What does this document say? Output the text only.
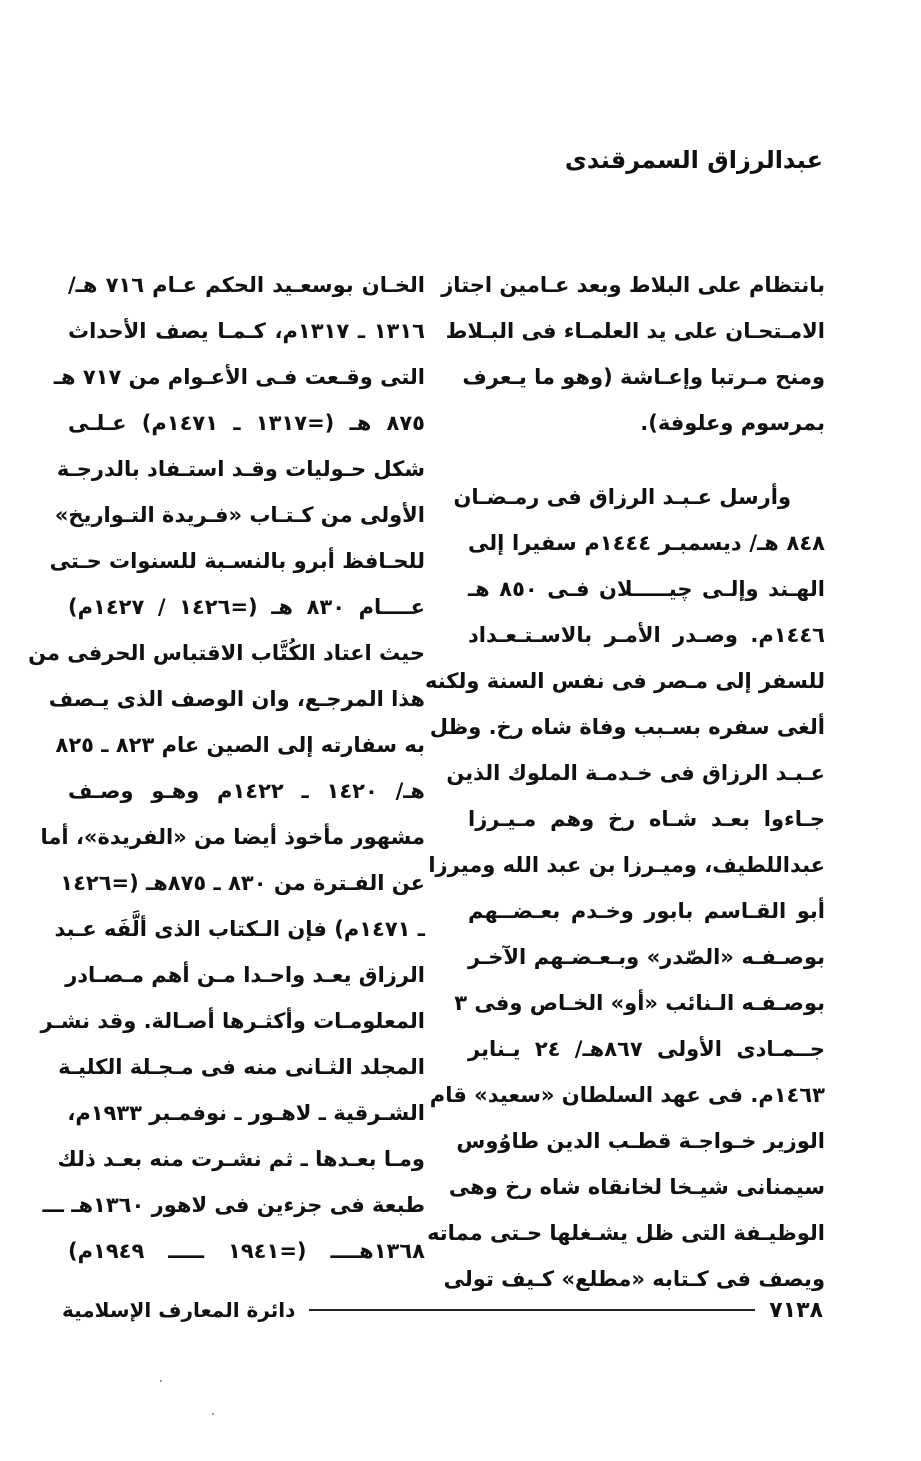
عبدالرزاق السمرقندى
بانتظام على البلاط وبعد عـامين اجتاز
الامـتحـان على يد العلمـاء فى البـلاط
ومنح مـرتبا وإعـاشة (وهو ما يـعرف
بمرسوم وعلوفة).
وأرسل عـبـد الرزاق فى رمـضـان
٨٤٨ هـ/ ديسمبـر ١٤٤٤م سفيرا إلى
الهـند وإلـى چيـــــلان فـى ٨٥٠ هـ
١٤٤٦م. وصـدر الأمـر بالاسـتـعـداد
للسفر إلى مـصر فى نفس السنة ولكنه
ألغى سفره بسـبب وفاة شاه رخ. وظل
عـبـد الرزاق فى خـدمـة الملوك الذين
جـاءوا بعـد شـاه رخ وهم مـيـرزا
عبداللطيف، وميـرزا بن عبد الله وميرزا
أبو القـاسم بابور وخـدم بعـضــهم
بوصـفـه «الصّدر» وبـعـضـهم الآخـر
بوصـفـه الـنائب «أو» الخـاص وفى ٣
جــمـادى الأولى ٨٦٧هـ/ ٢٤ يـناير
١٤٦٣م. فى عهد السلطان «سعيد» قام
الوزير خـواجـة قطـب الدين طاوُوس
سيمنانى شيـخا لخانقاه شاه رخ وهى
الوظيـفة التى ظل يشـغلها حـتى مماته
ويصف فى كـتابه «مطلع» كـيف تولى
الخـان بوسعـيد الحكم عـام ٧١٦ هـ/
١٣١٦ ـ ١٣١٧م، كـمـا يصف الأحداث
التى وقـعت فـى الأعـوام من ٧١٧ هـ
٨٧٥ هـ (=١٣١٧ ـ ١٤٧١م) عـلـى
شكل حـوليات وقـد استـفاد بالدرجـة
الأولى من كـتـاب «فـريدة التـواريخ»
للحـافظ أبرو بالنسـبة للسنوات حـتى
عــــام ٨٣٠ هـ (=١٤٢٦ / ١٤٢٧م)
حيث اعتاد الكُتَّاب الاقتباس الحرفى من
هذا المرجـع، وان الوصف الذى يـصف
به سفارته إلى الصين عام ٨٢٣ ـ ٨٢٥
هـ/ ١٤٢٠ ـ ١٤٢٢م وهـو وصـف
مشهور مأخوذ أيضا من «الفريدة»، أما
عن الفـترة من ٨٣٠ ـ ٨٧٥هـ (=١٤٢٦
ـ ١٤٧١م) فإن الـكتاب الذى ألَّفَه عـبد
الرزاق يعـد واحـدا مـن أهم مـصـادر
المعلومـات وأكثـرها أصـالة. وقد نشـر
المجلد الثـانى منه فى مـجـلة الكليـة
الشـرقية ـ لاهـور ـ نوفمـبر ١٩٣٣م،
ومـا بعـدها ـ ثم نشـرت منه بعـد ذلك
طبعة فى جزءين فى لاهور ١٣٦٠هـ ـــ
١٣٦٨هــــ (=١٩٤١ ـــــ ١٩٤٩م)
٧١٣٨
دائرة المعارف الإسلامية
